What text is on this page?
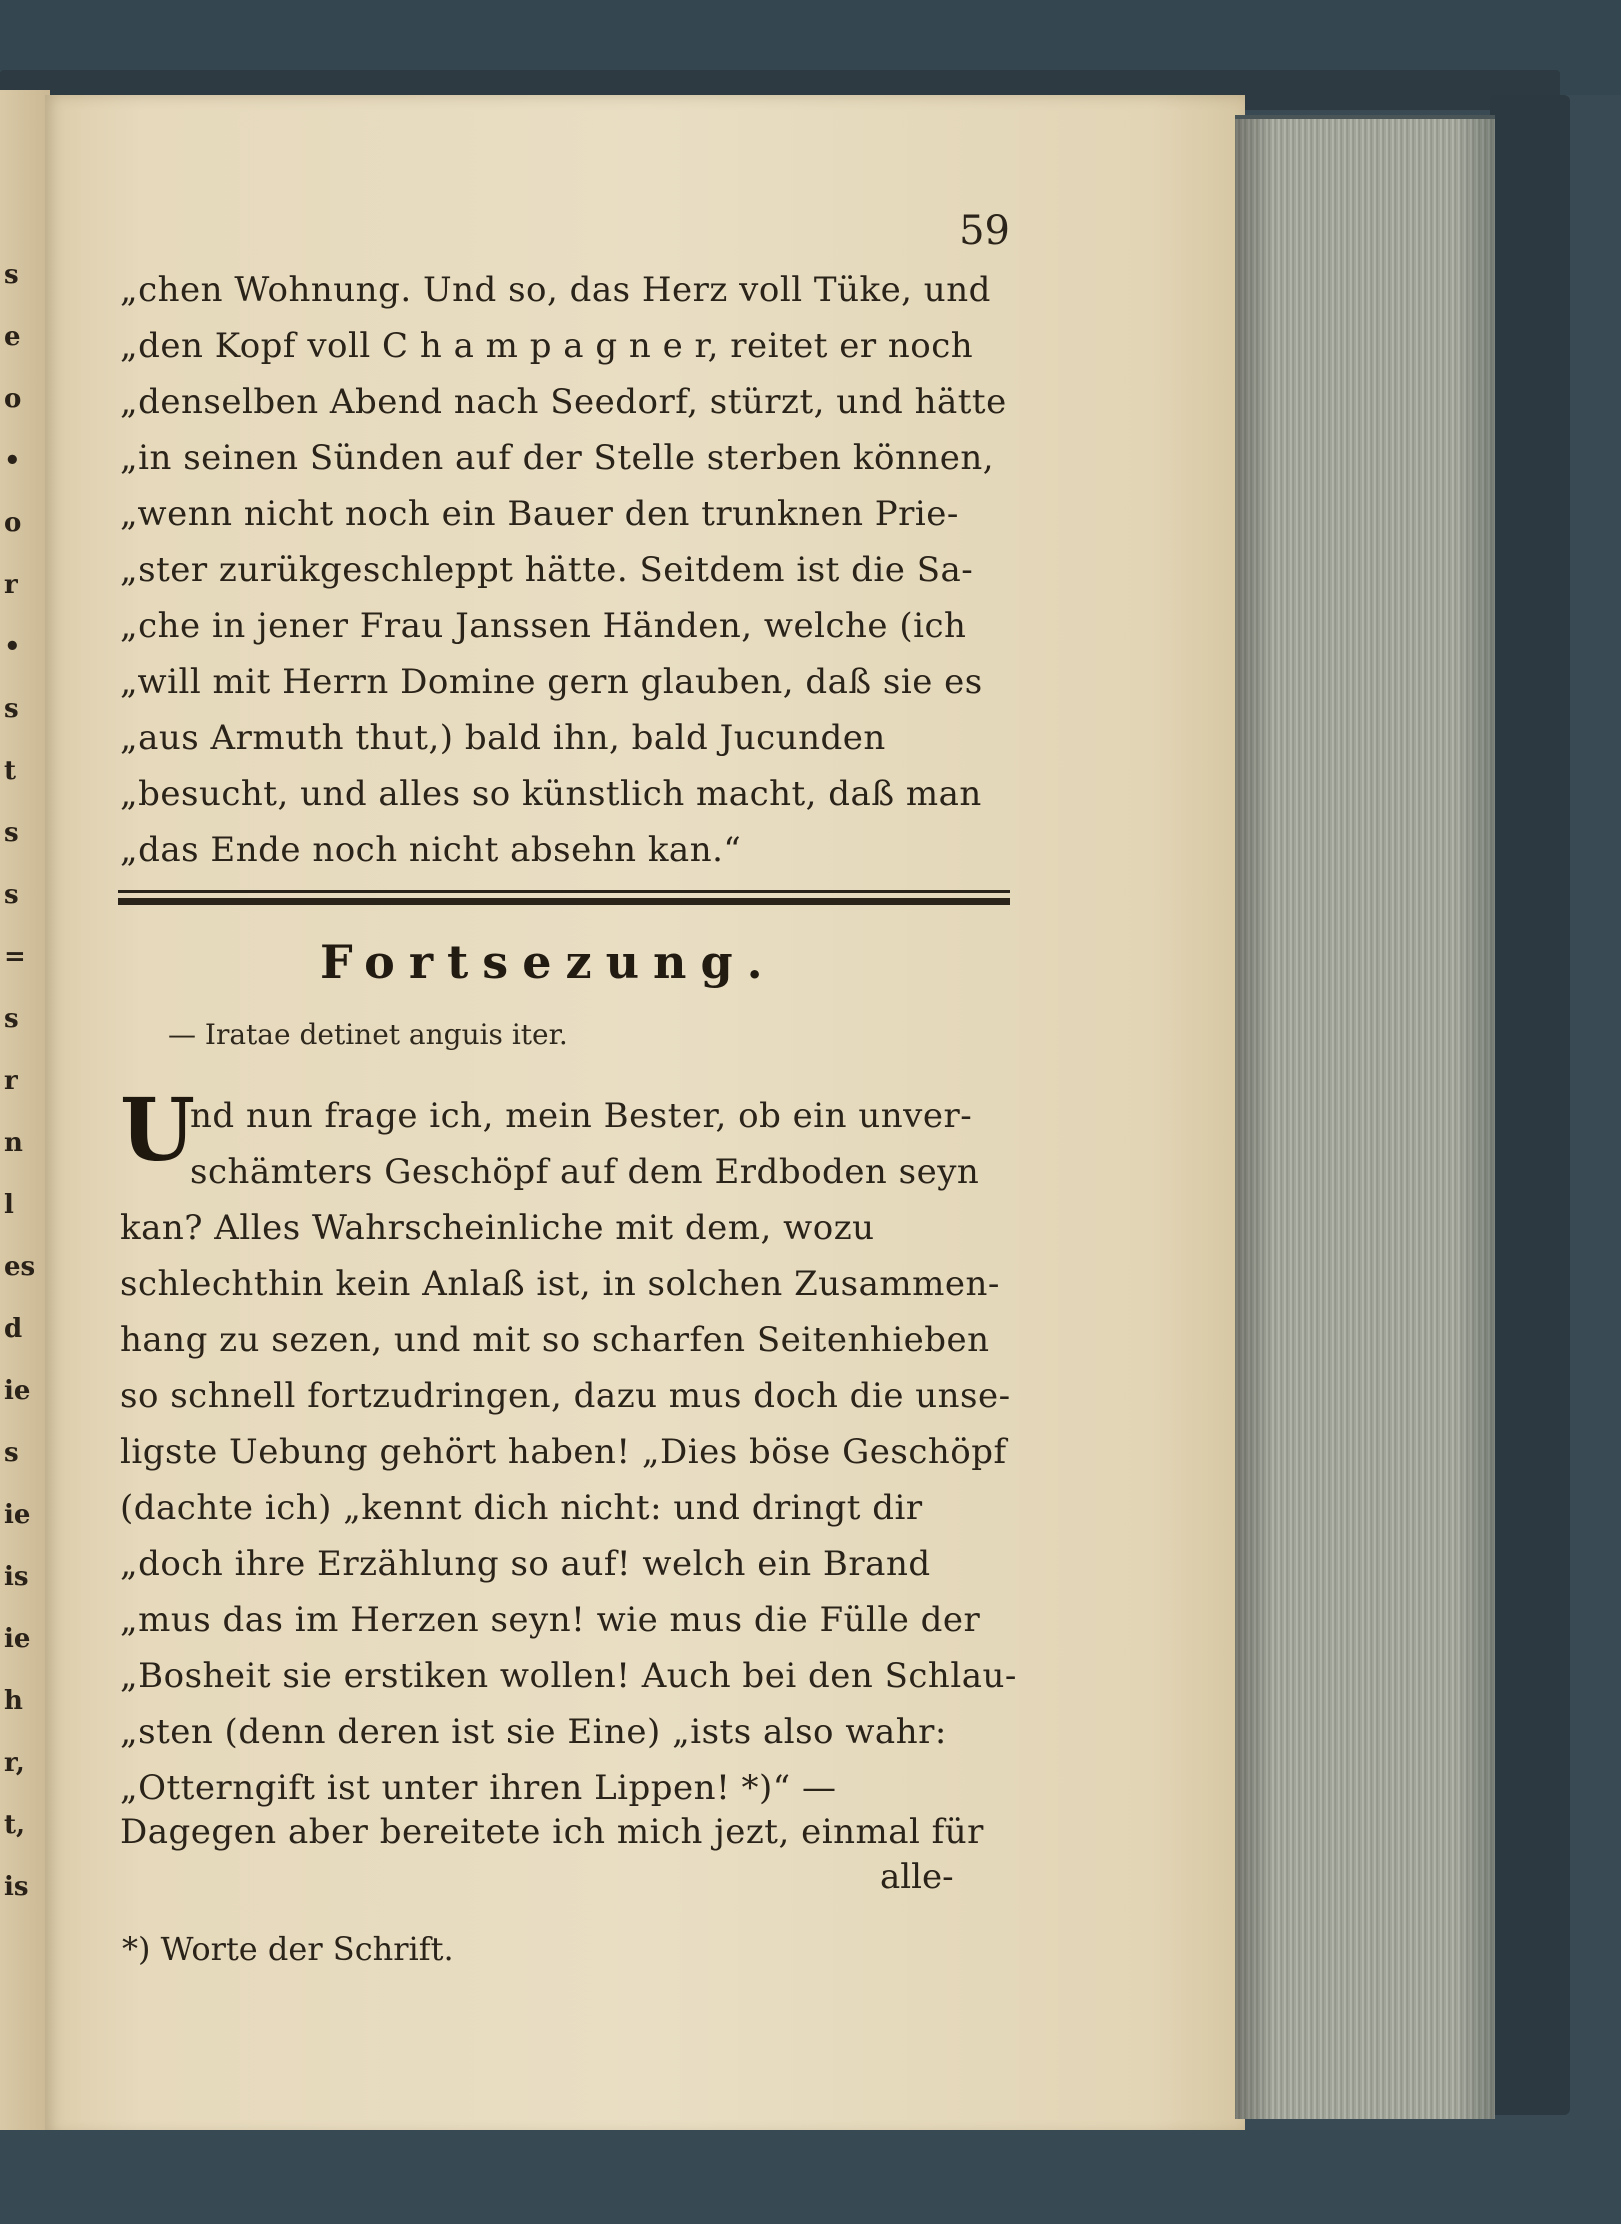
s
e
o
•
o
r
•
s
t
s
s
=
s
r
n
l
es
d
ie
s
ie
is
ie
h
r,
t,
is
59
„chen Wohnung. Und so, das Herz voll Tüke, und
„den Kopf voll C h a m p a g n e r, reitet er noch
„denselben Abend nach Seedorf, stürzt, und hätte
„in seinen Sünden auf der Stelle sterben können,
„wenn nicht noch ein Bauer den trunknen Prie-
„ster zurükgeschleppt hätte. Seitdem ist die Sa-
„che in jener Frau Janssen Händen, welche (ich
„will mit Herrn Domine gern glauben, daß sie es
„aus Armuth thut,) bald ihn, bald Jucunden
„besucht, und alles so künstlich macht, daß man
„das Ende noch nicht absehn kan.“
Fortsezung.
— Iratae detinet anguis iter.
U
nd nun frage ich, mein Bester, ob ein unver-
schämters Geschöpf auf dem Erdboden seyn
kan? Alles Wahrscheinliche mit dem, wozu
schlechthin kein Anlaß ist, in solchen Zusammen-
hang zu sezen, und mit so scharfen Seitenhieben
so schnell fortzudringen, dazu mus doch die unse-
ligste Uebung gehört haben! „Dies böse Geschöpf
(dachte ich) „kennt dich nicht: und dringt dir
„doch ihre Erzählung so auf! welch ein Brand
„mus das im Herzen seyn! wie mus die Fülle der
„Bosheit sie erstiken wollen! Auch bei den Schlau-
„sten (denn deren ist sie Eine) „ists also wahr:
„Otterngift ist unter ihren Lippen! *)“ —
Dagegen aber bereitete ich mich jezt, einmal für
alle-
*) Worte der Schrift.
